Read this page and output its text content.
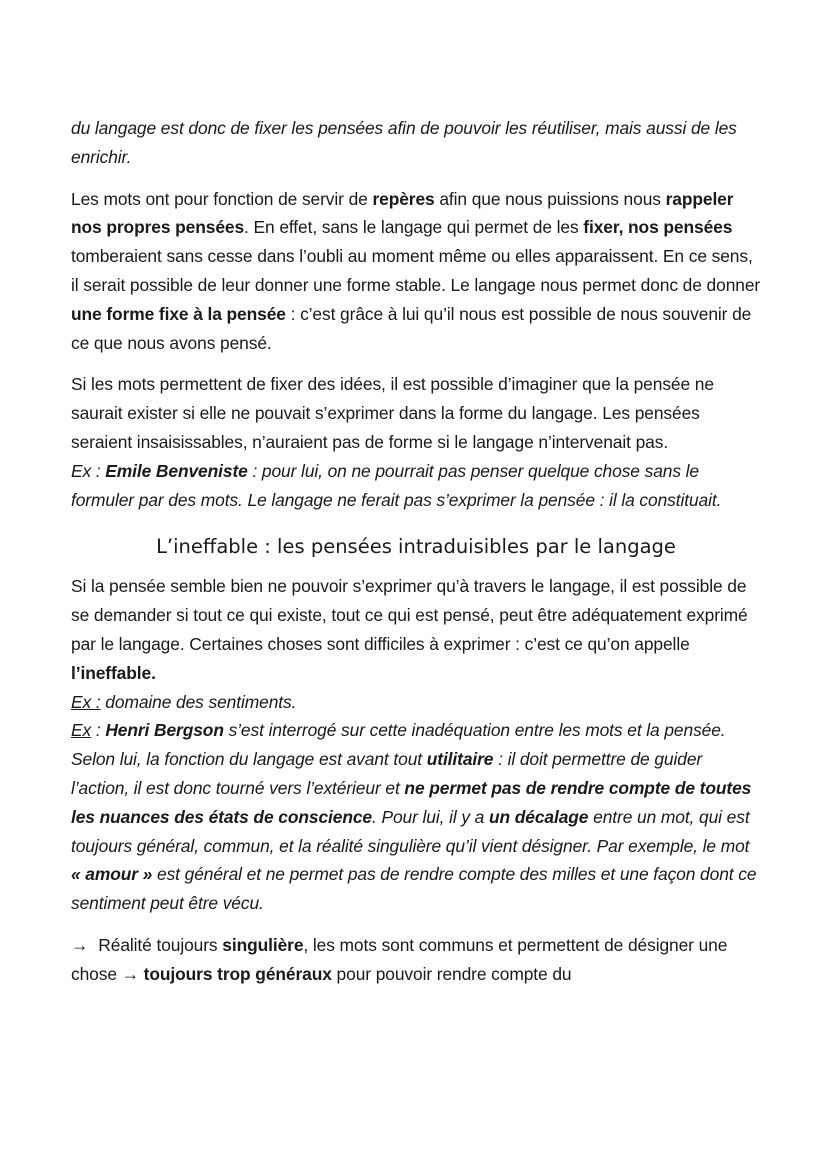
du langage est donc de fixer les pensées afin de pouvoir les réutiliser, mais aussi de les enrichir.

Les mots ont pour fonction de servir de repères afin que nous puissions nous rappeler nos propres pensées. En effet, sans le langage qui permet de les fixer, nos pensées tomberaient sans cesse dans l’oubli au moment même ou elles apparaissent. En ce sens, il serait possible de leur donner une forme stable. Le langage nous permet donc de donner une forme fixe à la pensée : c’est grâce à lui qu’il nous est possible de nous souvenir de ce que nous avons pensé.

Si les mots permettent de fixer des idées, il est possible d’imaginer que la pensée ne saurait exister si elle ne pouvait s’exprimer dans la forme du langage. Les pensées seraient insaisissables, n’auraient pas de forme si le langage n’intervenait pas.

Ex : Emile Benveniste : pour lui, on ne pourrait pas penser quelque chose sans le formuler par des mots. Le langage ne ferait pas s’exprimer la pensée : il la constituait.

L’ineffable : les pensées intraduisibles par le langage

Si la pensée semble bien ne pouvoir s’exprimer qu’à travers le langage, il est possible de se demander si tout ce qui existe, tout ce qui est pensé, peut être adéquatement exprimé par le langage. Certaines choses sont difficiles à exprimer : c’est ce qu’on appelle l’ineffable.

Ex : domaine des sentiments.

Ex : Henri Bergson s’est interrogé sur cette inadéquation entre les mots et la pensée. Selon lui, la fonction du langage est avant tout utilitaire : il doit permettre de guider l’action, il est donc tourné vers l’extérieur et ne permet pas de rendre compte de toutes les nuances des états de conscience. Pour lui, il y a un décalage entre un mot, qui est toujours général, commun, et la réalité singulière qu’il vient désigner. Par exemple, le mot « amour » est général et ne permet pas de rendre compte des milles et une façon dont ce sentiment peut être vécu.

→ Réalité toujours singulière, les mots sont communs et permettent de désigner une chose → toujours trop généraux pour pouvoir rendre compte du
